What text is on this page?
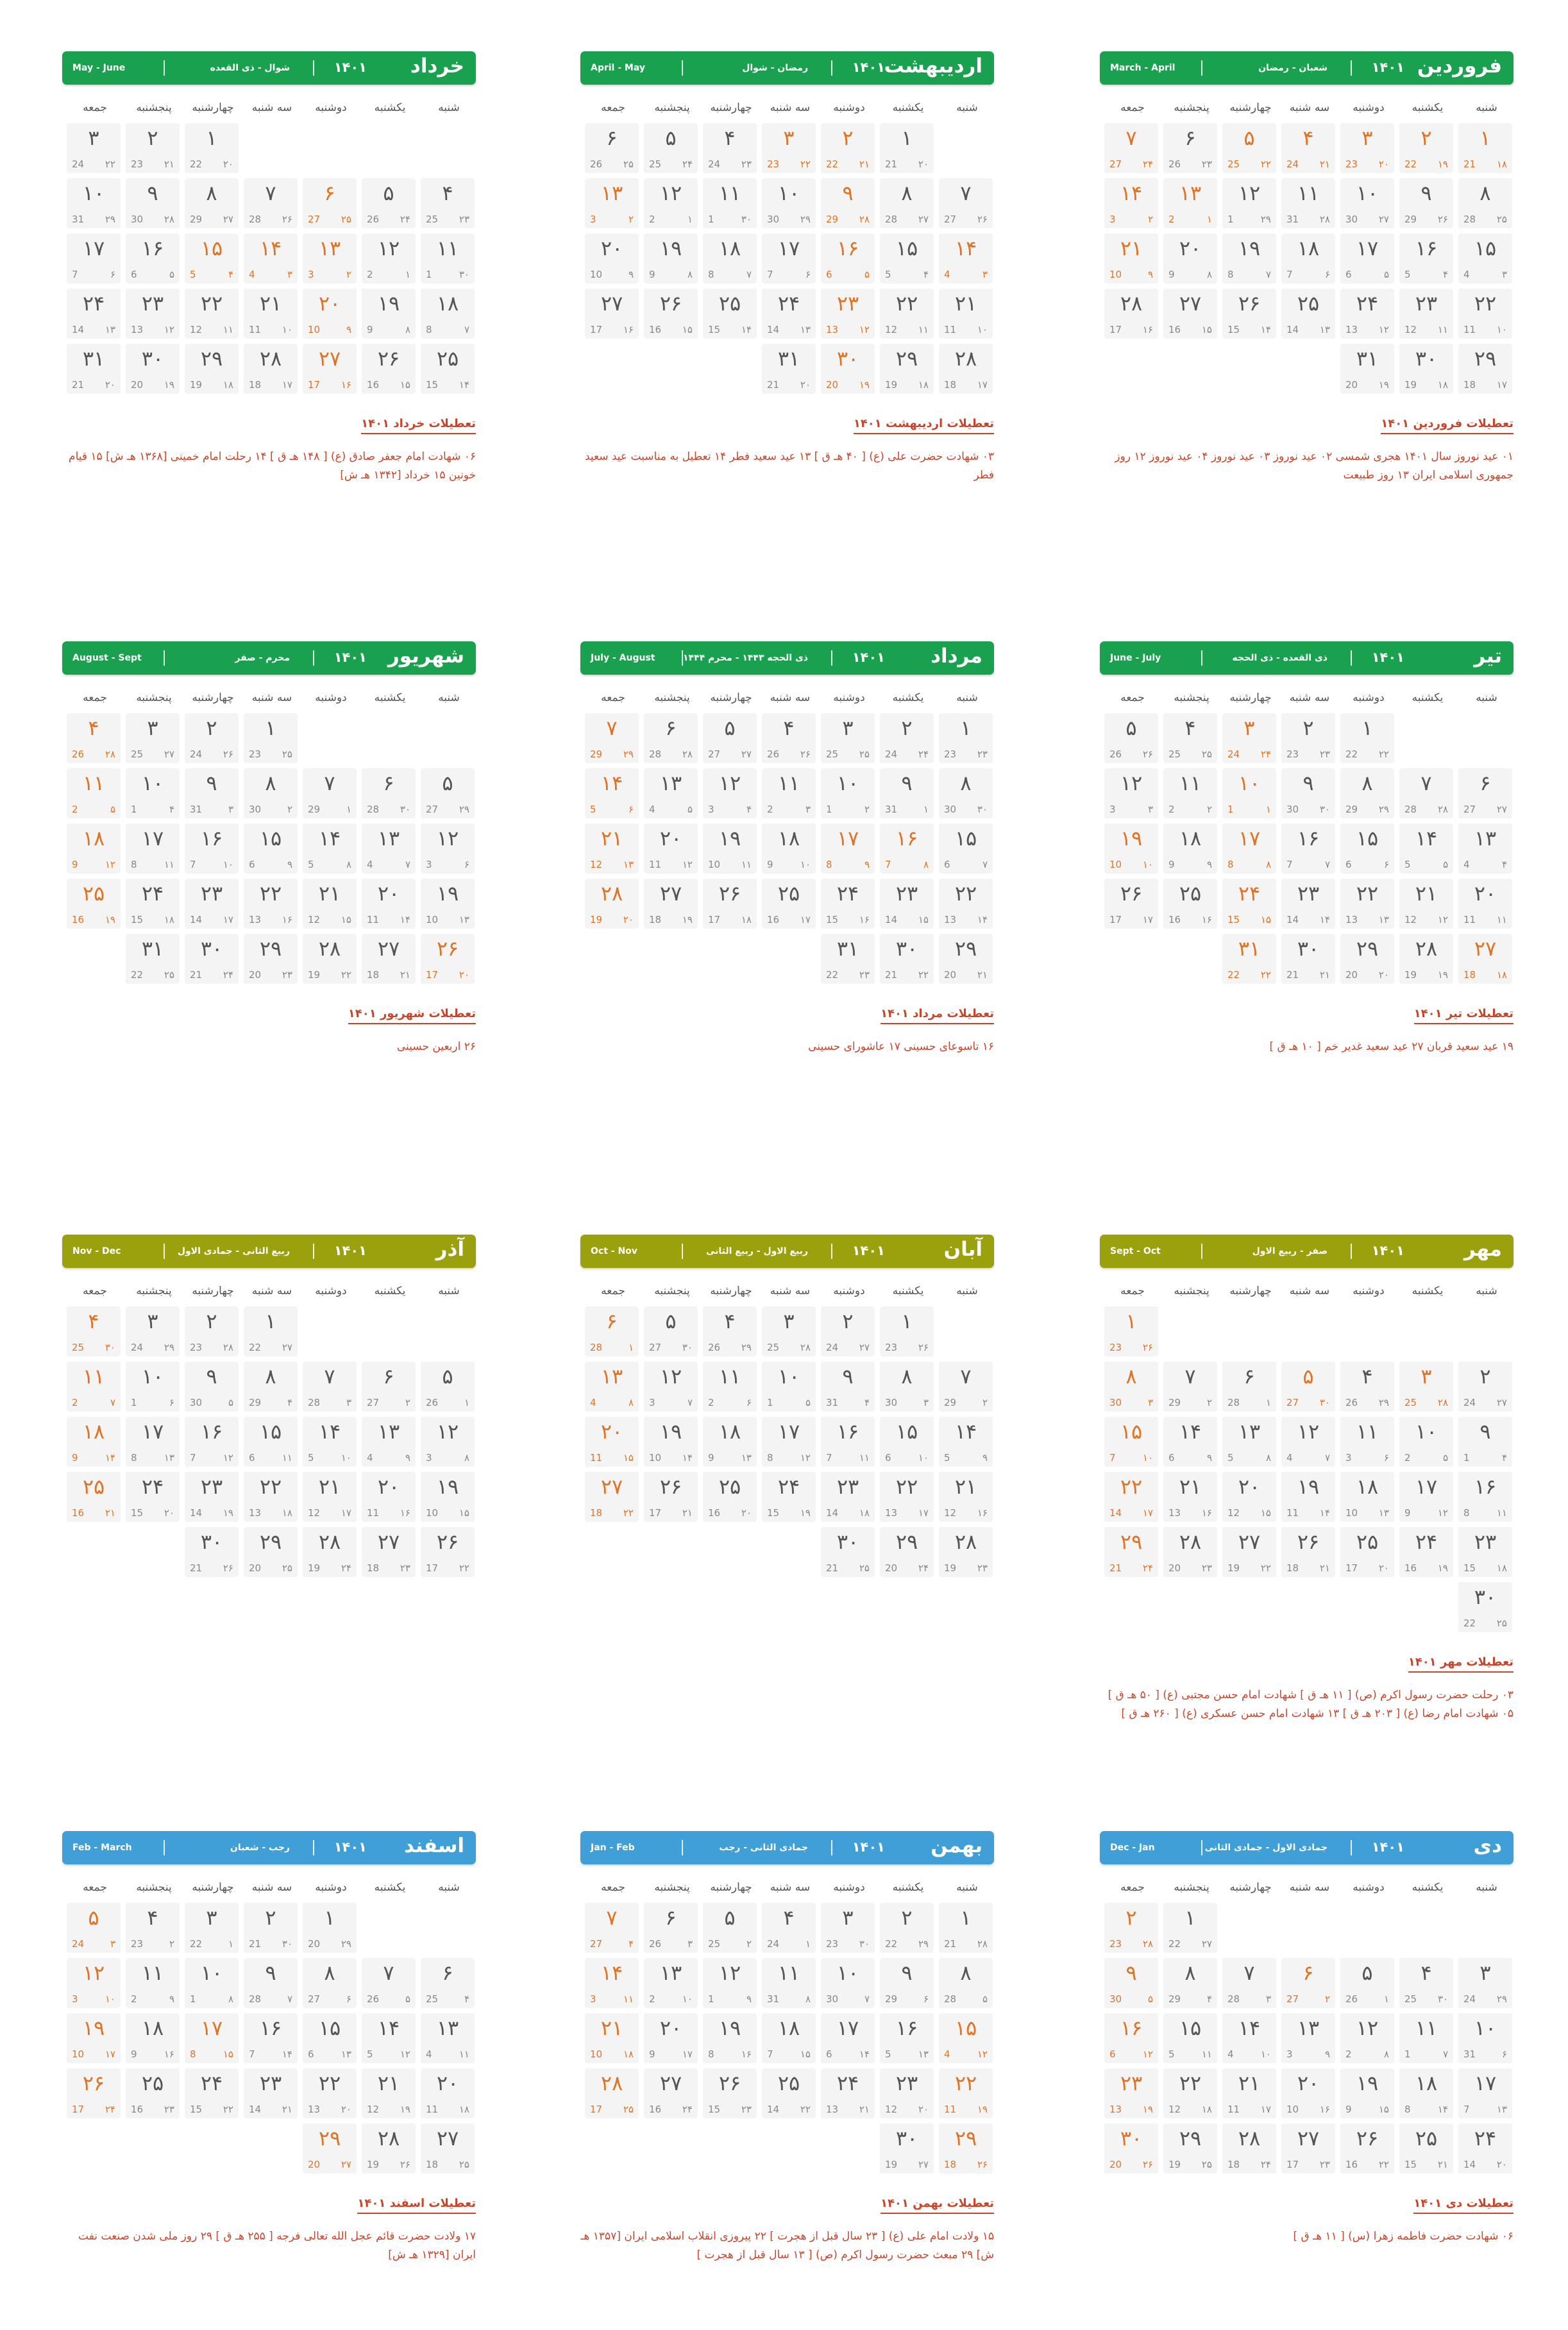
فروردین
۱۴۰۱
شعبان - رمضان
March - April
شنبه
یکشنبه
دوشنبه
سه شنبه
چهارشنبه
پنجشنبه
جمعه
۱
۱۸
21
۲
۱۹
22
۳
۲۰
23
۴
۲۱
24
۵
۲۲
25
۶
۲۳
26
۷
۲۴
27
۸
۲۵
28
۹
۲۶
29
۱۰
۲۷
30
۱۱
۲۸
31
۱۲
۲۹
1
۱۳
۱
2
۱۴
۲
3
۱۵
۳
4
۱۶
۴
5
۱۷
۵
6
۱۸
۶
7
۱۹
۷
8
۲۰
۸
9
۲۱
۹
10
۲۲
۱۰
11
۲۳
۱۱
12
۲۴
۱۲
13
۲۵
۱۳
14
۲۶
۱۴
15
۲۷
۱۵
16
۲۸
۱۶
17
۲۹
۱۷
18
۳۰
۱۸
19
۳۱
۱۹
20
تعطیلات فروردین ۱۴۰۱
۰۱ عید نوروز سال ۱۴۰۱ هجری شمسی ۰۲ عید نوروز ۰۳ عید نوروز ۰۴ عید نوروز ۱۲ روز جمهوری اسلامی ایران ۱۳ روز طبیعت
اردیبهشت
۱۴۰۱
رمضان - شوال
April - May
شنبه
یکشنبه
دوشنبه
سه شنبه
چهارشنبه
پنجشنبه
جمعه
۱
۲۰
21
۲
۲۱
22
۳
۲۲
23
۴
۲۳
24
۵
۲۴
25
۶
۲۵
26
۷
۲۶
27
۸
۲۷
28
۹
۲۸
29
۱۰
۲۹
30
۱۱
۳۰
1
۱۲
۱
2
۱۳
۲
3
۱۴
۳
4
۱۵
۴
5
۱۶
۵
6
۱۷
۶
7
۱۸
۷
8
۱۹
۸
9
۲۰
۹
10
۲۱
۱۰
11
۲۲
۱۱
12
۲۳
۱۲
13
۲۴
۱۳
14
۲۵
۱۴
15
۲۶
۱۵
16
۲۷
۱۶
17
۲۸
۱۷
18
۲۹
۱۸
19
۳۰
۱۹
20
۳۱
۲۰
21
تعطیلات اردیبهشت ۱۴۰۱
۰۳ شهادت حضرت علی (ع) [ ۴۰ هـ ق ] ۱۳ عید سعید فطر ۱۴ تعطیل به مناسبت عید سعید فطر
خرداد
۱۴۰۱
شوال - ذی القعده
May - June
شنبه
یکشنبه
دوشنبه
سه شنبه
چهارشنبه
پنجشنبه
جمعه
۱
۲۰
22
۲
۲۱
23
۳
۲۲
24
۴
۲۳
25
۵
۲۴
26
۶
۲۵
27
۷
۲۶
28
۸
۲۷
29
۹
۲۸
30
۱۰
۲۹
31
۱۱
۳۰
1
۱۲
۱
2
۱۳
۲
3
۱۴
۳
4
۱۵
۴
5
۱۶
۵
6
۱۷
۶
7
۱۸
۷
8
۱۹
۸
9
۲۰
۹
10
۲۱
۱۰
11
۲۲
۱۱
12
۲۳
۱۲
13
۲۴
۱۳
14
۲۵
۱۴
15
۲۶
۱۵
16
۲۷
۱۶
17
۲۸
۱۷
18
۲۹
۱۸
19
۳۰
۱۹
20
۳۱
۲۰
21
تعطیلات خرداد ۱۴۰۱
۰۶ شهادت امام جعفر صادق (ع) [ ۱۴۸ هـ ق ] ۱۴ رحلت امام خمینی [۱۳۶۸ هـ ش] ۱۵ قیام خونین ۱۵ خرداد [۱۳۴۲ هـ ش]
تیر
۱۴۰۱
ذی القعده - ذی الحجه
June - July
شنبه
یکشنبه
دوشنبه
سه شنبه
چهارشنبه
پنجشنبه
جمعه
۱
۲۲
22
۲
۲۳
23
۳
۲۴
24
۴
۲۵
25
۵
۲۶
26
۶
۲۷
27
۷
۲۸
28
۸
۲۹
29
۹
۳۰
30
۱۰
۱
1
۱۱
۲
2
۱۲
۳
3
۱۳
۴
4
۱۴
۵
5
۱۵
۶
6
۱۶
۷
7
۱۷
۸
8
۱۸
۹
9
۱۹
۱۰
10
۲۰
۱۱
11
۲۱
۱۲
12
۲۲
۱۳
13
۲۳
۱۴
14
۲۴
۱۵
15
۲۵
۱۶
16
۲۶
۱۷
17
۲۷
۱۸
18
۲۸
۱۹
19
۲۹
۲۰
20
۳۰
۲۱
21
۳۱
۲۲
22
تعطیلات تیر ۱۴۰۱
۱۹ عید سعید قربان ۲۷ عید سعید غدیر خم [ ۱۰ هـ ق ]
مرداد
۱۴۰۱
ذی الحجه ۱۴۴۳ - محرم ۱۴۴۴
July - August
شنبه
یکشنبه
دوشنبه
سه شنبه
چهارشنبه
پنجشنبه
جمعه
۱
۲۳
23
۲
۲۴
24
۳
۲۵
25
۴
۲۶
26
۵
۲۷
27
۶
۲۸
28
۷
۲۹
29
۸
۳۰
30
۹
۱
31
۱۰
۲
1
۱۱
۳
2
۱۲
۴
3
۱۳
۵
4
۱۴
۶
5
۱۵
۷
6
۱۶
۸
7
۱۷
۹
8
۱۸
۱۰
9
۱۹
۱۱
10
۲۰
۱۲
11
۲۱
۱۳
12
۲۲
۱۴
13
۲۳
۱۵
14
۲۴
۱۶
15
۲۵
۱۷
16
۲۶
۱۸
17
۲۷
۱۹
18
۲۸
۲۰
19
۲۹
۲۱
20
۳۰
۲۲
21
۳۱
۲۳
22
تعطیلات مرداد ۱۴۰۱
۱۶ تاسوعای حسینی ۱۷ عاشورای حسینی
شهریور
۱۴۰۱
محرم - صفر
August - Sept
شنبه
یکشنبه
دوشنبه
سه شنبه
چهارشنبه
پنجشنبه
جمعه
۱
۲۵
23
۲
۲۶
24
۳
۲۷
25
۴
۲۸
26
۵
۲۹
27
۶
۳۰
28
۷
۱
29
۸
۲
30
۹
۳
31
۱۰
۴
1
۱۱
۵
2
۱۲
۶
3
۱۳
۷
4
۱۴
۸
5
۱۵
۹
6
۱۶
۱۰
7
۱۷
۱۱
8
۱۸
۱۲
9
۱۹
۱۳
10
۲۰
۱۴
11
۲۱
۱۵
12
۲۲
۱۶
13
۲۳
۱۷
14
۲۴
۱۸
15
۲۵
۱۹
16
۲۶
۲۰
17
۲۷
۲۱
18
۲۸
۲۲
19
۲۹
۲۳
20
۳۰
۲۴
21
۳۱
۲۵
22
تعطیلات شهریور ۱۴۰۱
۲۶ اربعین حسینی
مهر
۱۴۰۱
صفر - ربیع الاول
Sept - Oct
شنبه
یکشنبه
دوشنبه
سه شنبه
چهارشنبه
پنجشنبه
جمعه
۱
۲۶
23
۲
۲۷
24
۳
۲۸
25
۴
۲۹
26
۵
۳۰
27
۶
۱
28
۷
۲
29
۸
۳
30
۹
۴
1
۱۰
۵
2
۱۱
۶
3
۱۲
۷
4
۱۳
۸
5
۱۴
۹
6
۱۵
۱۰
7
۱۶
۱۱
8
۱۷
۱۲
9
۱۸
۱۳
10
۱۹
۱۴
11
۲۰
۱۵
12
۲۱
۱۶
13
۲۲
۱۷
14
۲۳
۱۸
15
۲۴
۱۹
16
۲۵
۲۰
17
۲۶
۲۱
18
۲۷
۲۲
19
۲۸
۲۳
20
۲۹
۲۴
21
۳۰
۲۵
22
تعطیلات مهر ۱۴۰۱
۰۳ رحلت حضرت رسول اکرم (ص) [ ۱۱ هـ ق ] شهادت امام حسن مجتبی (ع) [ ۵۰ هـ ق ] ۰۵ شهادت امام رضا (ع) [ ۲۰۳ هـ ق ] ۱۳ شهادت امام حسن عسکری (ع) [ ۲۶۰ هـ ق ]
آبان
۱۴۰۱
ربیع الاول - ربیع الثانی
Oct - Nov
شنبه
یکشنبه
دوشنبه
سه شنبه
چهارشنبه
پنجشنبه
جمعه
۱
۲۶
23
۲
۲۷
24
۳
۲۸
25
۴
۲۹
26
۵
۳۰
27
۶
۱
28
۷
۲
29
۸
۳
30
۹
۴
31
۱۰
۵
1
۱۱
۶
2
۱۲
۷
3
۱۳
۸
4
۱۴
۹
5
۱۵
۱۰
6
۱۶
۱۱
7
۱۷
۱۲
8
۱۸
۱۳
9
۱۹
۱۴
10
۲۰
۱۵
11
۲۱
۱۶
12
۲۲
۱۷
13
۲۳
۱۸
14
۲۴
۱۹
15
۲۵
۲۰
16
۲۶
۲۱
17
۲۷
۲۲
18
۲۸
۲۳
19
۲۹
۲۴
20
۳۰
۲۵
21
آذر
۱۴۰۱
ربیع الثانی - جمادی الاول
Nov - Dec
شنبه
یکشنبه
دوشنبه
سه شنبه
چهارشنبه
پنجشنبه
جمعه
۱
۲۷
22
۲
۲۸
23
۳
۲۹
24
۴
۳۰
25
۵
۱
26
۶
۲
27
۷
۳
28
۸
۴
29
۹
۵
30
۱۰
۶
1
۱۱
۷
2
۱۲
۸
3
۱۳
۹
4
۱۴
۱۰
5
۱۵
۱۱
6
۱۶
۱۲
7
۱۷
۱۳
8
۱۸
۱۴
9
۱۹
۱۵
10
۲۰
۱۶
11
۲۱
۱۷
12
۲۲
۱۸
13
۲۳
۱۹
14
۲۴
۲۰
15
۲۵
۲۱
16
۲۶
۲۲
17
۲۷
۲۳
18
۲۸
۲۴
19
۲۹
۲۵
20
۳۰
۲۶
21
دی
۱۴۰۱
جمادی الاول - جمادی الثانی
Dec - Jan
شنبه
یکشنبه
دوشنبه
سه شنبه
چهارشنبه
پنجشنبه
جمعه
۱
۲۷
22
۲
۲۸
23
۳
۲۹
24
۴
۳۰
25
۵
۱
26
۶
۲
27
۷
۳
28
۸
۴
29
۹
۵
30
۱۰
۶
31
۱۱
۷
1
۱۲
۸
2
۱۳
۹
3
۱۴
۱۰
4
۱۵
۱۱
5
۱۶
۱۲
6
۱۷
۱۳
7
۱۸
۱۴
8
۱۹
۱۵
9
۲۰
۱۶
10
۲۱
۱۷
11
۲۲
۱۸
12
۲۳
۱۹
13
۲۴
۲۰
14
۲۵
۲۱
15
۲۶
۲۲
16
۲۷
۲۳
17
۲۸
۲۴
18
۲۹
۲۵
19
۳۰
۲۶
20
تعطیلات دی ۱۴۰۱
۰۶ شهادت حضرت فاطمه زهرا (س) [ ۱۱ هـ ق ]
بهمن
۱۴۰۱
جمادی الثانی - رجب
Jan - Feb
شنبه
یکشنبه
دوشنبه
سه شنبه
چهارشنبه
پنجشنبه
جمعه
۱
۲۸
21
۲
۲۹
22
۳
۳۰
23
۴
۱
24
۵
۲
25
۶
۳
26
۷
۴
27
۸
۵
28
۹
۶
29
۱۰
۷
30
۱۱
۸
31
۱۲
۹
1
۱۳
۱۰
2
۱۴
۱۱
3
۱۵
۱۲
4
۱۶
۱۳
5
۱۷
۱۴
6
۱۸
۱۵
7
۱۹
۱۶
8
۲۰
۱۷
9
۲۱
۱۸
10
۲۲
۱۹
11
۲۳
۲۰
12
۲۴
۲۱
13
۲۵
۲۲
14
۲۶
۲۳
15
۲۷
۲۴
16
۲۸
۲۵
17
۲۹
۲۶
18
۳۰
۲۷
19
تعطیلات بهمن ۱۴۰۱
۱۵ ولادت امام علی (ع) [ ۲۳ سال قبل از هجرت ] ۲۲ پیروزی انقلاب اسلامی ایران [۱۳۵۷ هـ ش] ۲۹ مبعث حضرت رسول اکرم (ص) [ ۱۳ سال قبل از هجرت ]
اسفند
۱۴۰۱
رجب - شعبان
Feb - March
شنبه
یکشنبه
دوشنبه
سه شنبه
چهارشنبه
پنجشنبه
جمعه
۱
۲۹
20
۲
۳۰
21
۳
۱
22
۴
۲
23
۵
۳
24
۶
۴
25
۷
۵
26
۸
۶
27
۹
۷
28
۱۰
۸
1
۱۱
۹
2
۱۲
۱۰
3
۱۳
۱۱
4
۱۴
۱۲
5
۱۵
۱۳
6
۱۶
۱۴
7
۱۷
۱۵
8
۱۸
۱۶
9
۱۹
۱۷
10
۲۰
۱۸
11
۲۱
۱۹
12
۲۲
۲۰
13
۲۳
۲۱
14
۲۴
۲۲
15
۲۵
۲۳
16
۲۶
۲۴
17
۲۷
۲۵
18
۲۸
۲۶
19
۲۹
۲۷
20
تعطیلات اسفند ۱۴۰۱
۱۷ ولادت حضرت قائم عجل الله تعالی فرجه [ ۲۵۵ هـ ق ] ۲۹ روز ملی شدن صنعت نفت ایران [۱۳۲۹ هـ ش]
